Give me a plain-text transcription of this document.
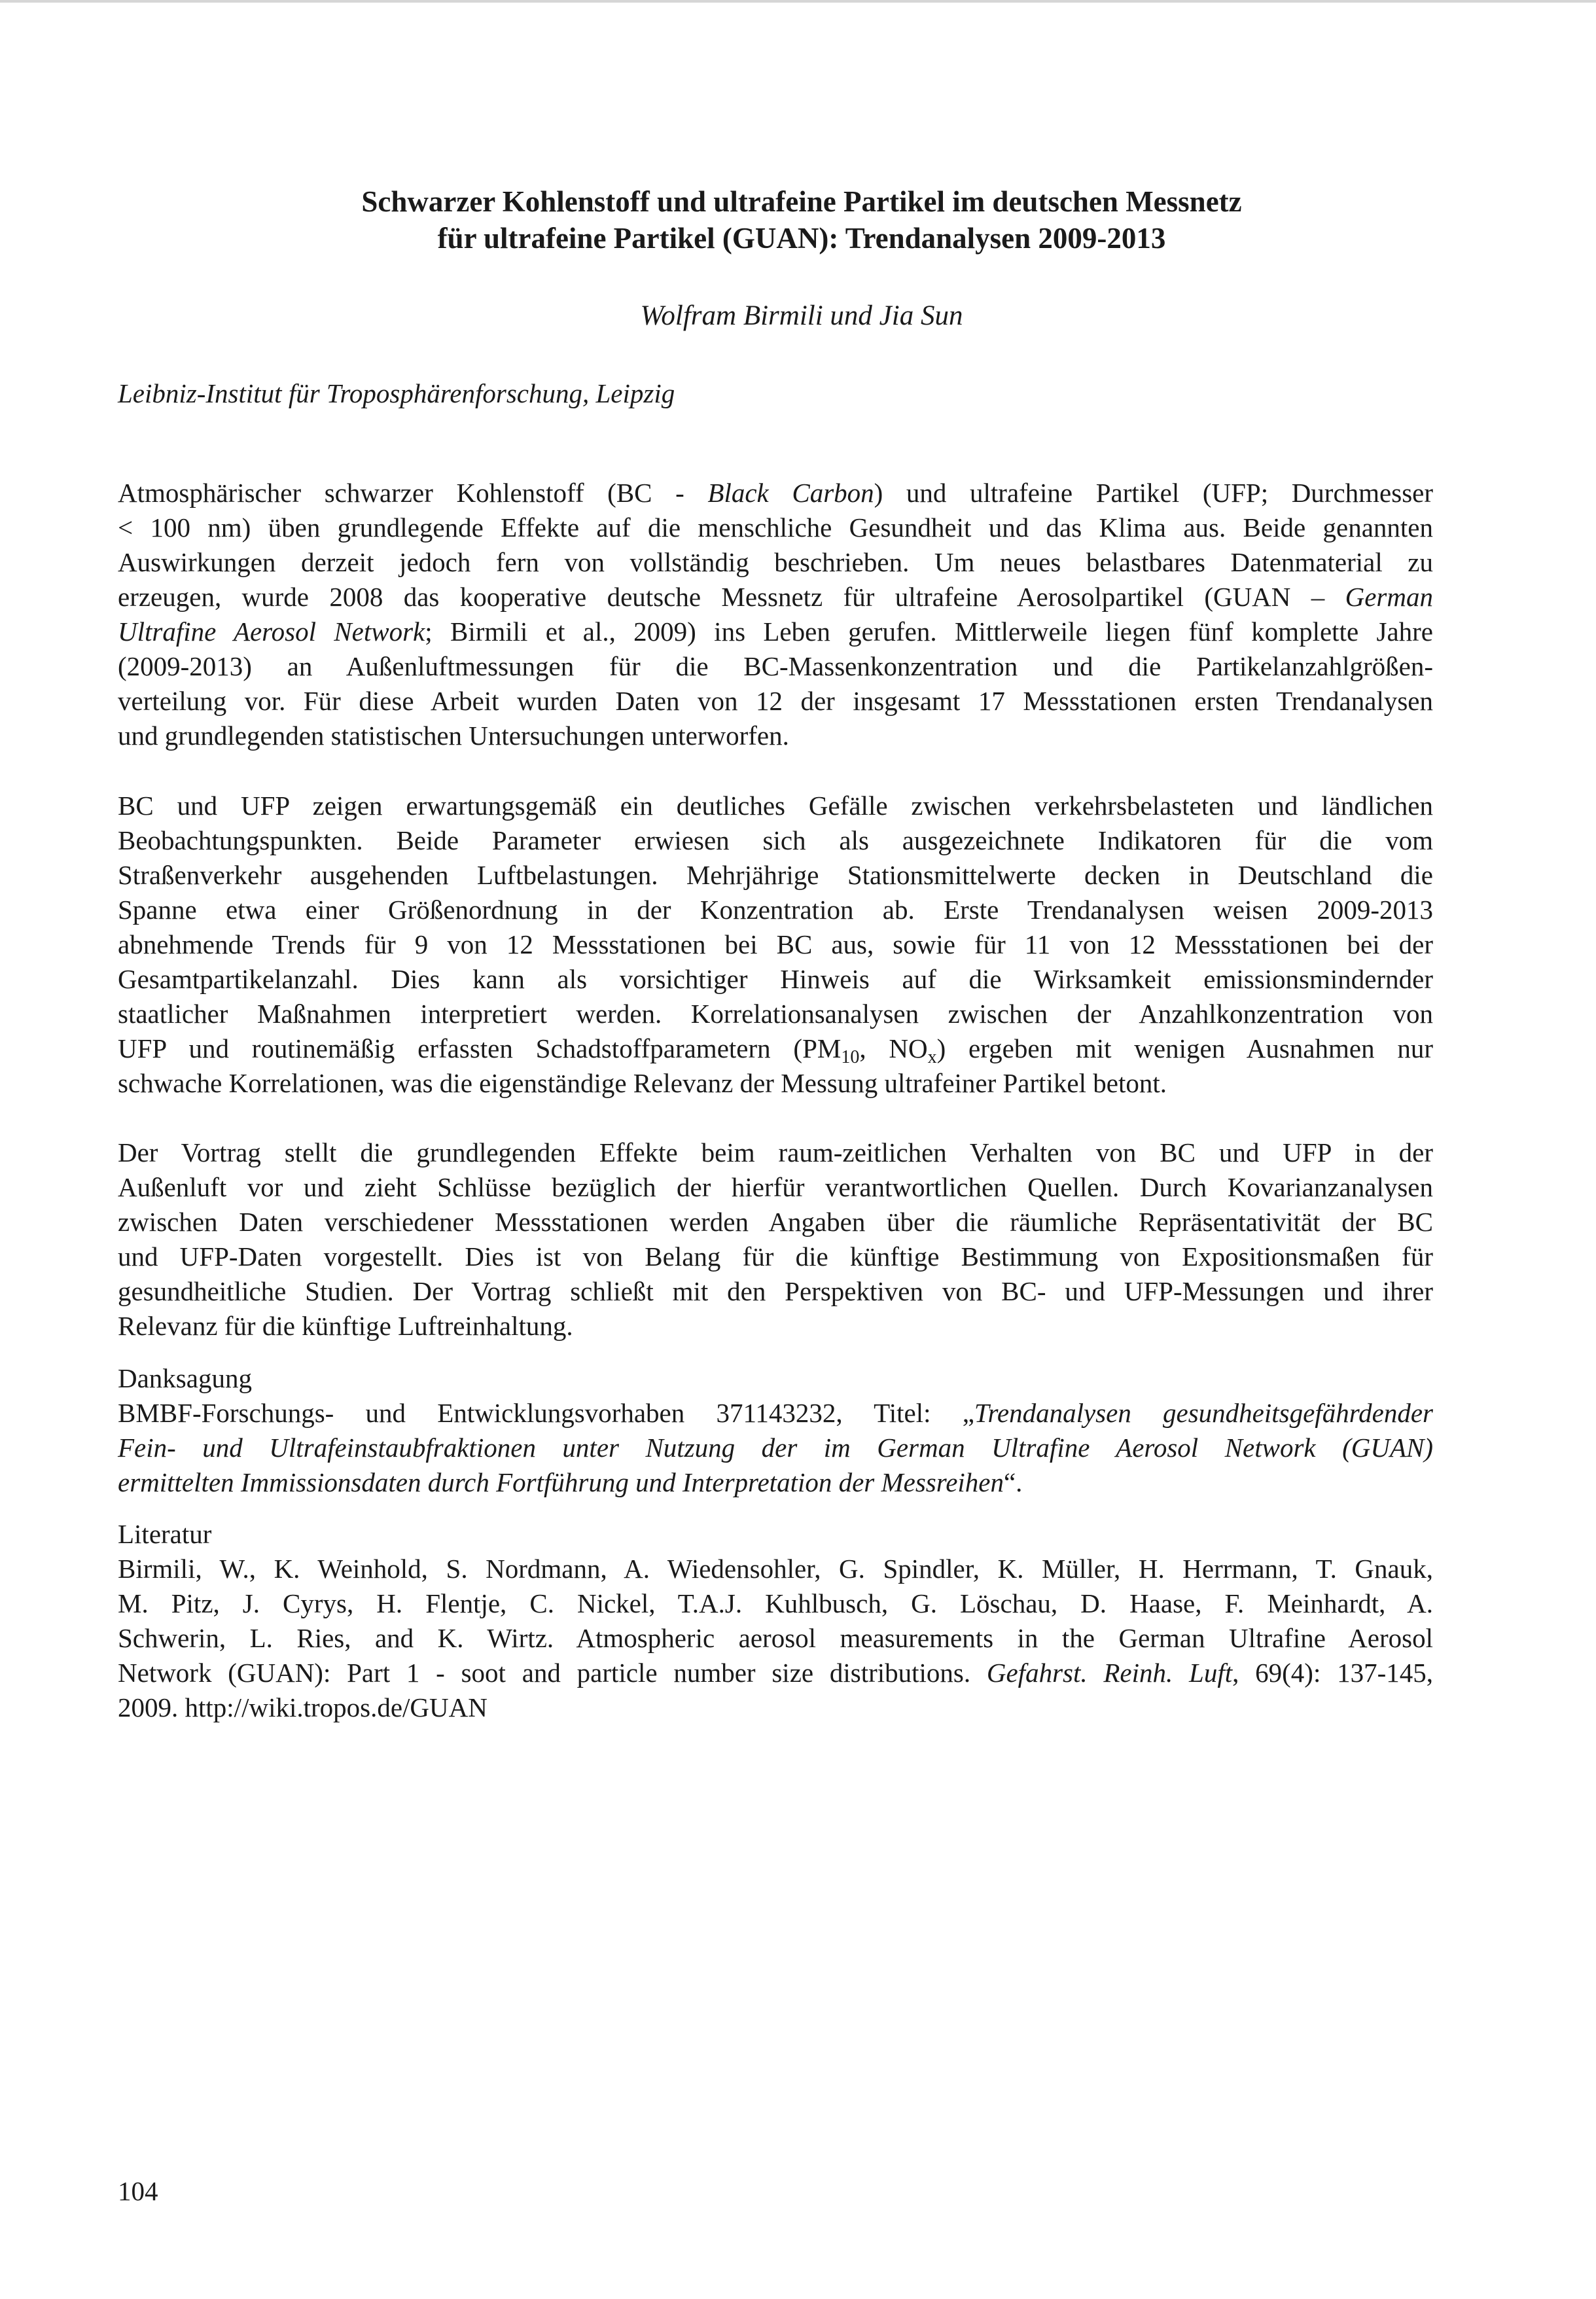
Schwarzer Kohlenstoff und ultrafeine Partikel im deutschen Messnetz
für ultrafeine Partikel (GUAN): Trendanalysen 2009-2013
Wolfram Birmili und Jia Sun
Leibniz-Institut für Troposphärenforschung, Leipzig
Atmosphärischer schwarzer Kohlenstoff (BC - Black Carbon) und ultrafeine Partikel (UFP; Durchmesser
< 100 nm) üben grundlegende Effekte auf die menschliche Gesundheit und das Klima aus. Beide genannten
Auswirkungen derzeit jedoch fern von vollständig beschrieben. Um neues belastbares Datenmaterial zu
erzeugen, wurde 2008 das kooperative deutsche Messnetz für ultrafeine Aerosolpartikel (GUAN – German
Ultrafine Aerosol Network; Birmili et al., 2009) ins Leben gerufen. Mittlerweile liegen fünf komplette Jahre
(2009-2013) an Außenluftmessungen für die BC-Massenkonzentration und die Partikelanzahlgrößen-
verteilung vor. Für diese Arbeit wurden Daten von 12 der insgesamt 17 Messstationen ersten Trendanalysen
und grundlegenden statistischen Untersuchungen unterworfen.
BC und UFP zeigen erwartungsgemäß ein deutliches Gefälle zwischen verkehrsbelasteten und ländlichen
Beobachtungspunkten. Beide Parameter erwiesen sich als ausgezeichnete Indikatoren für die vom
Straßenverkehr ausgehenden Luftbelastungen. Mehrjährige Stationsmittelwerte decken in Deutschland die
Spanne etwa einer Größenordnung in der Konzentration ab. Erste Trendanalysen weisen 2009-2013
abnehmende Trends für 9 von 12 Messstationen bei BC aus, sowie für 11 von 12 Messstationen bei der
Gesamtpartikelanzahl. Dies kann als vorsichtiger Hinweis auf die Wirksamkeit emissionsmindernder
staatlicher Maßnahmen interpretiert werden. Korrelationsanalysen zwischen der Anzahlkonzentration von
UFP und routinemäßig erfassten Schadstoffparametern ($PM_{10}$, $NO_x$) ergeben mit wenigen Ausnahmen nur
schwache Korrelationen, was die eigenständige Relevanz der Messung ultrafeiner Partikel betont.
Der Vortrag stellt die grundlegenden Effekte beim raum-zeitlichen Verhalten von BC und UFP in der
Außenluft vor und zieht Schlüsse bezüglich der hierfür verantwortlichen Quellen. Durch Kovarianzanalysen
zwischen Daten verschiedener Messstationen werden Angaben über die räumliche Repräsentativität der BC
und UFP-Daten vorgestellt. Dies ist von Belang für die künftige Bestimmung von Expositionsmaßen für
gesundheitliche Studien. Der Vortrag schließt mit den Perspektiven von BC- und UFP-Messungen und ihrer
Relevanz für die künftige Luftreinhaltung.
Danksagung
BMBF-Forschungs- und Entwicklungsvorhaben 371143232, Titel: „Trendanalysen gesundheitsgefährdender
Fein- und Ultrafeinstaubfraktionen unter Nutzung der im German Ultrafine Aerosol Network (GUAN)
ermittelten Immissionsdaten durch Fortführung und Interpretation der Messreihen“.
Literatur
Birmili, W., K. Weinhold, S. Nordmann, A. Wiedensohler, G. Spindler, K. Müller, H. Herrmann, T. Gnauk,
M. Pitz, J. Cyrys, H. Flentje, C. Nickel, T.A.J. Kuhlbusch, G. Löschau, D. Haase, F. Meinhardt, A.
Schwerin, L. Ries, and K. Wirtz. Atmospheric aerosol measurements in the German Ultrafine Aerosol
Network (GUAN): Part 1 - soot and particle number size distributions. Gefahrst. Reinh. Luft, 69(4): 137-145,
2009. http://wiki.tropos.de/GUAN
104
